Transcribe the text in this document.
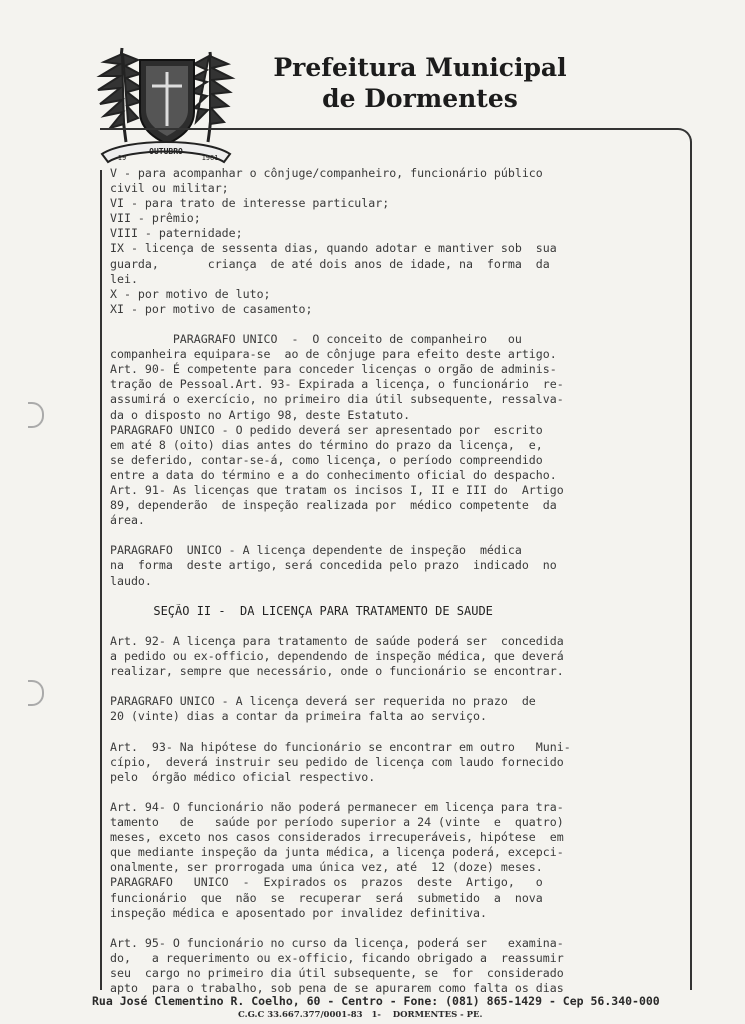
OUTUBRO
19	1961
Prefeitura Municipal
de Dormentes
V - para acompanhar o cônjuge/companheiro, funcionário público
civil ou militar;
VI - para trato de interesse particular;
VII - prêmio;
VIII - paternidade;
IX - licença de sessenta dias, quando adotar e mantiver sob  sua
guarda,       criança  de até dois anos de idade, na  forma  da
lei.
X - por motivo de luto;
XI - por motivo de casamento;
PARAGRAFO UNICO  -  O conceito de companheiro   ou
companheira equipara-se  ao de cônjuge para efeito deste artigo.
Art. 90- É competente para conceder licenças o orgão de adminis-
tração de Pessoal.Art. 93- Expirada a licença, o funcionário  re-
assumirá o exercício, no primeiro dia útil subsequente, ressalva-
da o disposto no Artigo 98, deste Estatuto.
PARAGRAFO UNICO - O pedido deverá ser apresentado por  escrito
em até 8 (oito) dias antes do término do prazo da licença,  e,
se deferido, contar-se-á, como licença, o período compreendido
entre a data do término e a do conhecimento oficial do despacho.
Art. 91- As licenças que tratam os incisos I, II e III do  Artigo
89, dependerão  de inspeção realizada por  médico competente  da
área.
PARAGRAFO  UNICO - A licença dependente de inspeção  médica
na  forma  deste artigo, será concedida pelo prazo  indicado  no
laudo.
SEÇÃO II -  DA LICENÇA PARA TRATAMENTO DE SAUDE
Art. 92- A licença para tratamento de saúde poderá ser  concedida
a pedido ou ex-officio, dependendo de inspeção médica, que deverá
realizar, sempre que necessário, onde o funcionário se encontrar.
PARAGRAFO UNICO - A licença deverá ser requerida no prazo  de
20 (vinte) dias a contar da primeira falta ao serviço.
Art.  93- Na hipótese do funcionário se encontrar em outro   Muni-
cípio,  deverá instruir seu pedido de licença com laudo fornecido
pelo  órgão médico oficial respectivo.
Art. 94- O funcionário não poderá permanecer em licença para tra-
tamento   de   saúde por período superior a 24 (vinte  e  quatro)
meses, exceto nos casos considerados irrecuperáveis, hipótese  em
que mediante inspeção da junta médica, a licença poderá, excepci-
onalmente, ser prorrogada uma única vez, até  12 (doze) meses.
PARAGRAFO   UNICO  -  Expirados os  prazos  deste  Artigo,   o
funcionário  que  não  se  recuperar  será  submetido  a  nova
inspeção médica e aposentado por invalidez definitiva.
Art. 95- O funcionário no curso da licença, poderá ser   examina-
do,   a requerimento ou ex-officio, ficando obrigado a  reassumir
seu  cargo no primeiro dia útil subsequente, se  for  considerado
apto  para o trabalho, sob pena de se apurarem como falta os dias
Rua José Clementino R. Coelho, 60 - Centro - Fone: (081) 865-1429 - Cep 56.340-000
C.G.C 33.667.377/0001-83 1- DORMENTES - PE.
